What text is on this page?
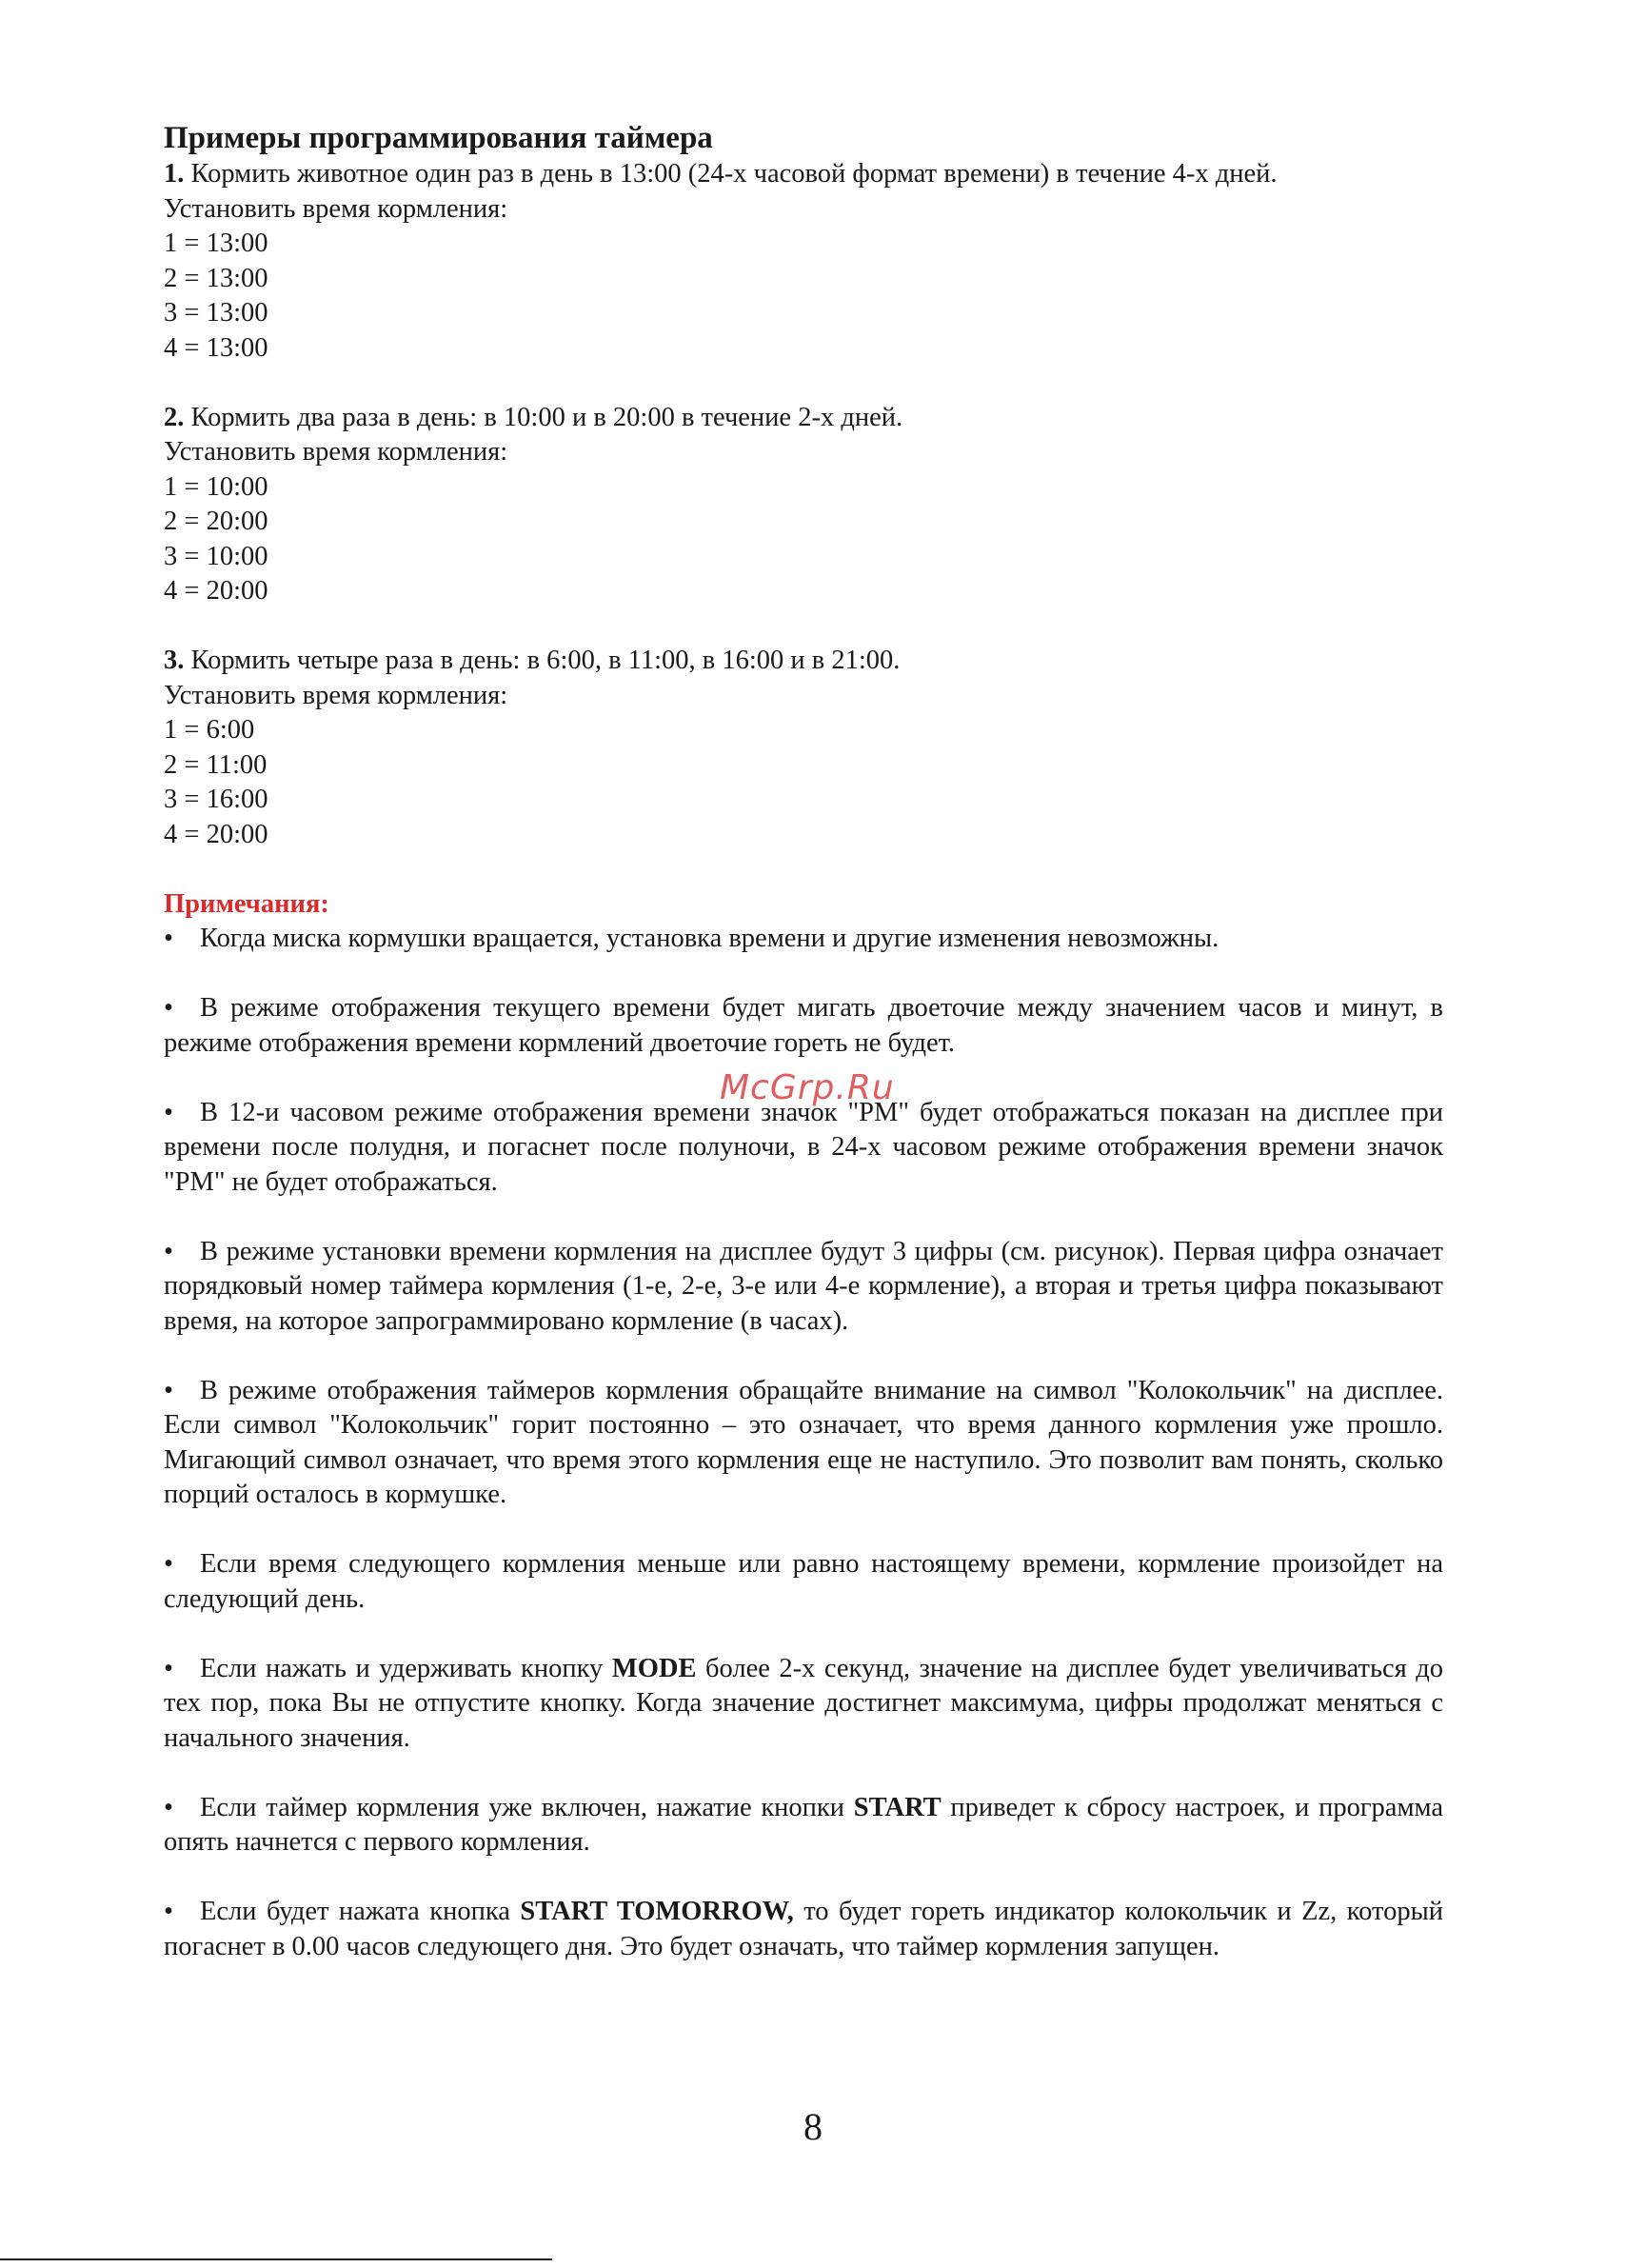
Примеры программирования таймера

1. Кормить животное один раз в день в 13:00 (24-х часовой формат времени) в течение 4-х дней.

Установить время кормления:

1 = 13:00

2 = 13:00

3 = 13:00

4 = 13:00

2. Кормить два раза в день: в 10:00 и в 20:00 в течение 2-х дней.

Установить время кормления:

1 = 10:00

2 = 20:00

3 = 10:00

4 = 20:00

3. Кормить четыре раза в день: в 6:00, в 11:00, в 16:00 и в 21:00.

Установить время кормления:

1 = 6:00

2 = 11:00

3 = 16:00

4 = 20:00

Примечания:

• Когда миска кормушки вращается, установка времени и другие изменения невозможны.

• В режиме отображения текущего времени будет мигать двоеточие между значением часов и минут, в режиме отображения времени кормлений двоеточие гореть не будет.

• В 12-и часовом режиме отображения времени значок "PM" будет отображаться показан на дисплее при времени после полудня, и погаснет после полуночи, в 24-х часовом режиме отображения времени значок "PM" не будет отображаться.

• В режиме установки времени кормления на дисплее будут 3 цифры (см. рисунок). Первая цифра означает порядковый номер таймера кормления (1-е, 2-е, 3-е или 4-е кормление), а вторая и третья цифра показывают время, на которое запрограммировано кормление (в часах).

• В режиме отображения таймеров кормления обращайте внимание на символ "Колокольчик" на дисплее. Если символ "Колокольчик" горит постоянно – это означает, что время данного кормления уже прошло. Мигающий символ означает, что время этого кормления еще не наступило. Это позволит вам понять, сколько порций осталось в кормушке.

• Если время следующего кормления меньше или равно настоящему времени, кормление произойдет на следующий день.

• Если нажать и удерживать кнопку MODE более 2-х секунд, значение на дисплее будет увеличиваться до тех пор, пока Вы не отпустите кнопку. Когда значение достигнет максимума, цифры продолжат меняться с начального значения.

• Если таймер кормления уже включен, нажатие кнопки START приведет к сбросу настроек, и программа опять начнется с первого кормления.

• Если будет нажата кнопка START TOMORROW, то будет гореть индикатор колокольчик и Zz, который погаснет в 0.00 часов следующего дня. Это будет означать, что таймер кормления запущен.

McGrp.Ru
8
